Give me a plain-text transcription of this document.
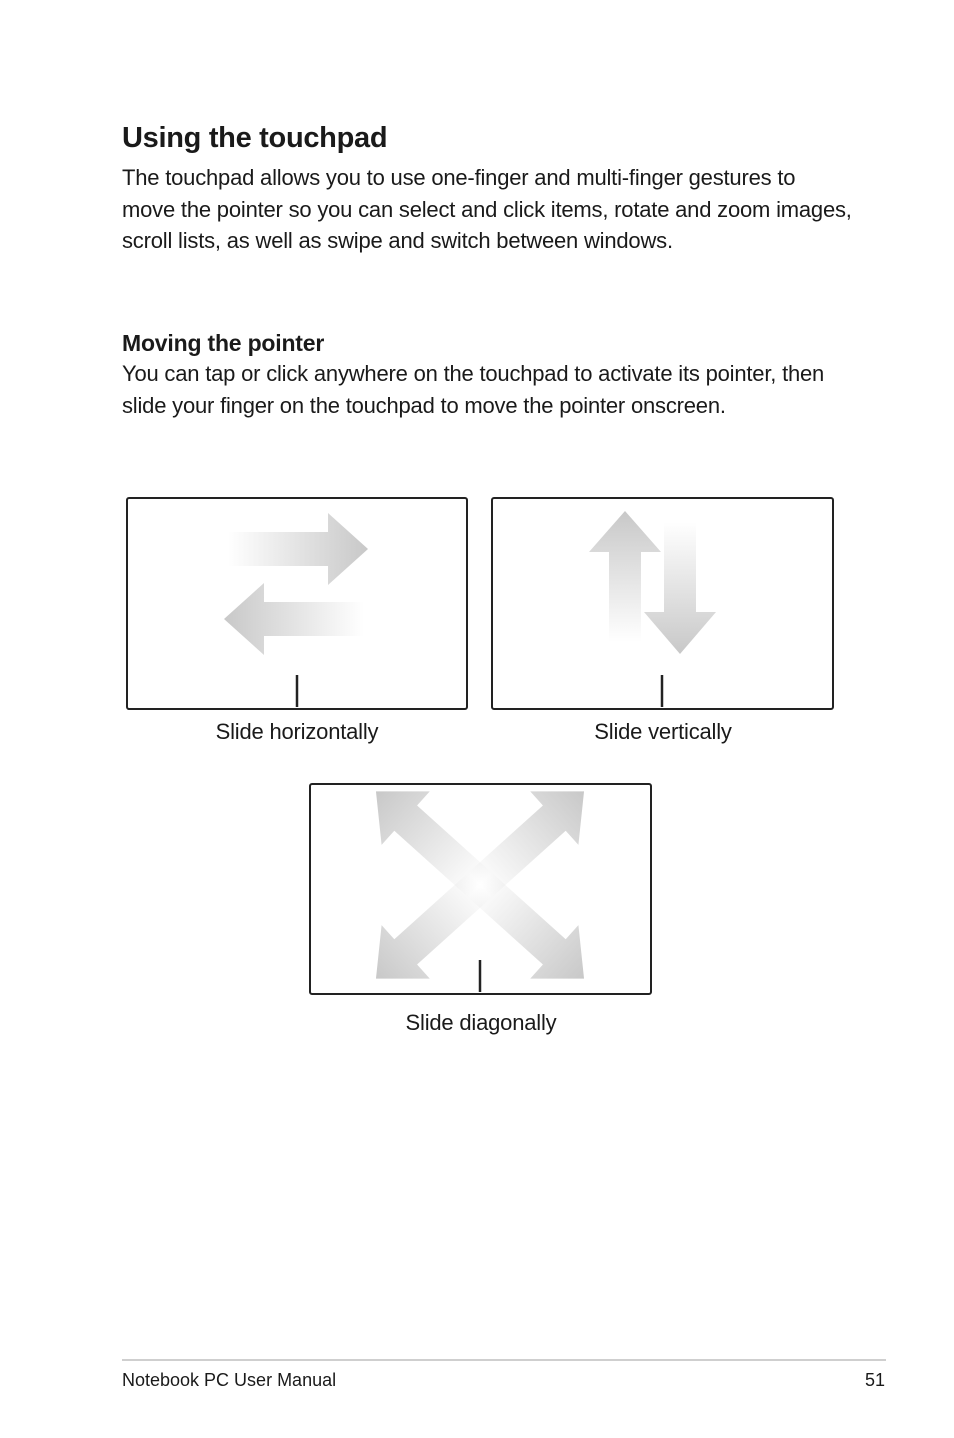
Using the touchpad

The touchpad allows you to use one-finger and multi-finger gestures to move the pointer so you can select and click items, rotate and zoom images, scroll lists, as well as swipe and switch between windows.

Moving the pointer

You can tap or click anywhere on the touchpad to activate its pointer, then slide your finger on the touchpad to move the pointer onscreen.

Slide horizontally	Slide vertically
Slide diagonally
Notebook PC User Manual	51
